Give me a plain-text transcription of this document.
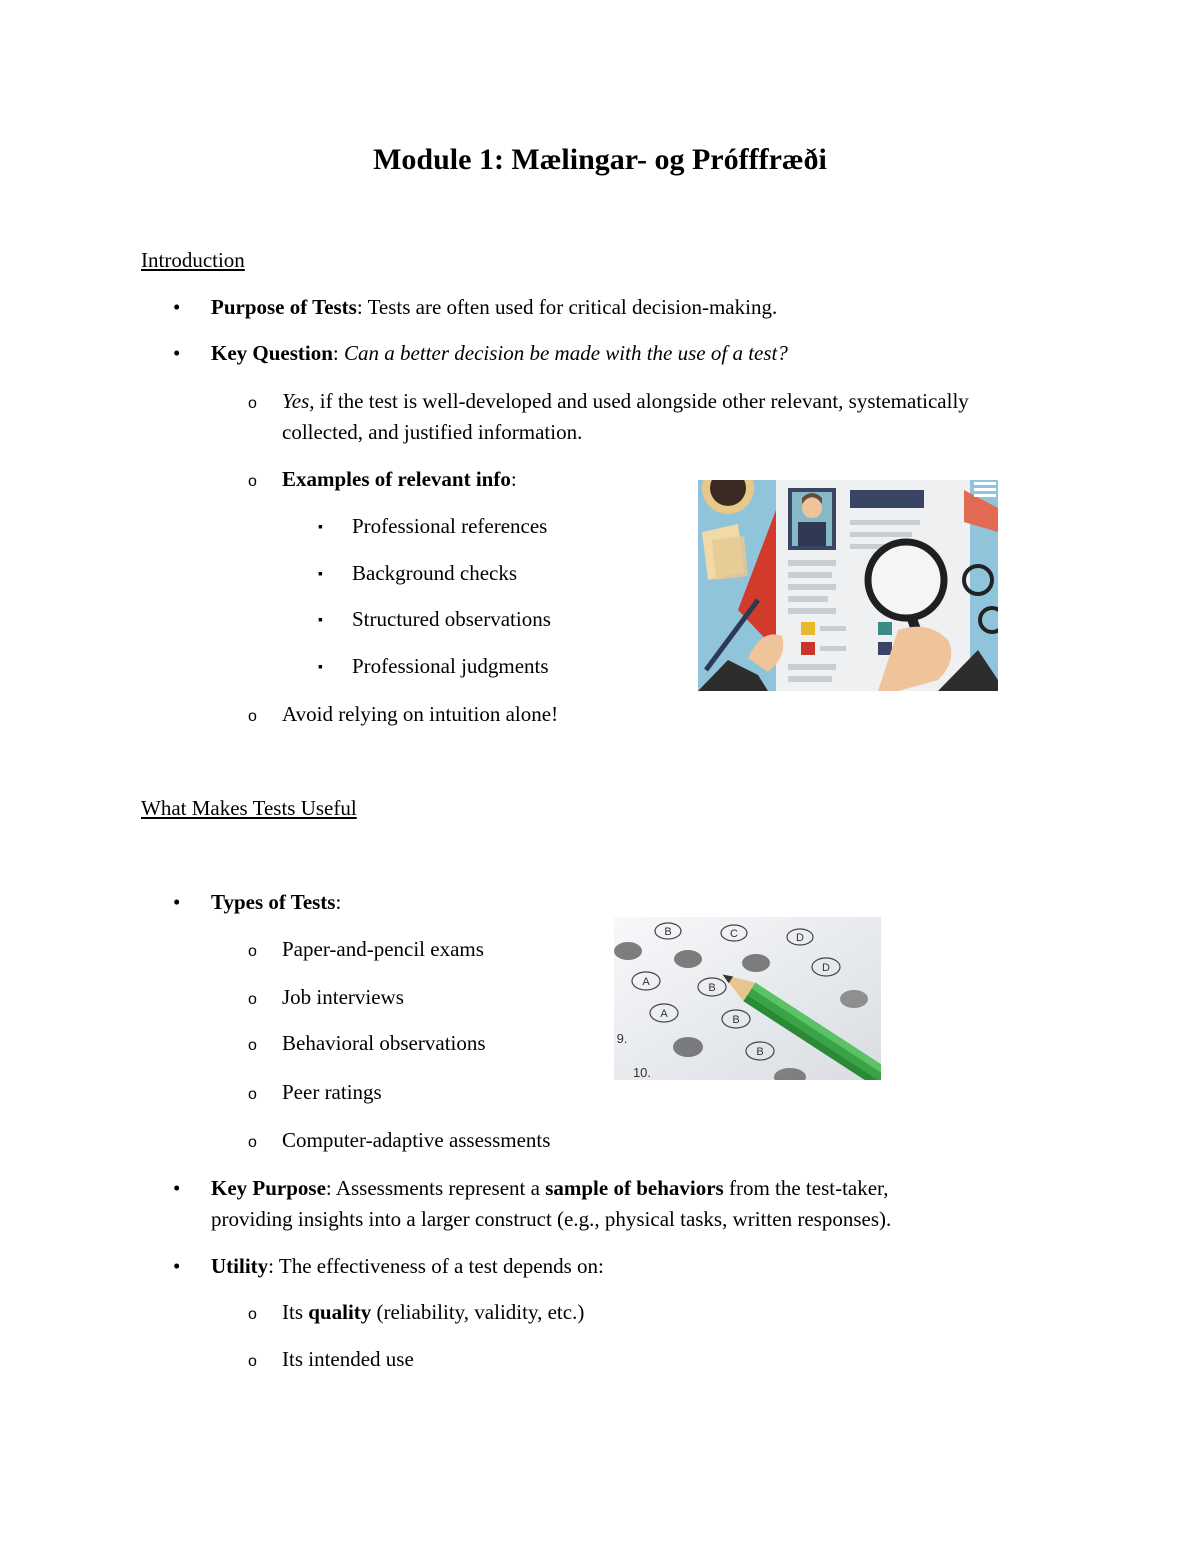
Module 1: Mælingar- og Prófffræði
Introduction
• Purpose of Tests: Tests are often used for critical decision-making.
• Key Question: Can a better decision be made with the use of a test?
o Yes, if the test is well-developed and used alongside other relevant, systematically
collected, and justified information.
o Examples of relevant info:
▪ Professional references
▪ Background checks
▪ Structured observations
▪ Professional judgments
o Avoid relying on intuition alone!
What Makes Tests Useful
• Types of Tests:
o Paper-and-pencil exams
o Job interviews
o Behavioral observations
o Peer ratings
o Computer-adaptive assessments
• Key Purpose: Assessments represent a sample of behaviors from the test-taker,
providing insights into a larger construct (e.g., physical tasks, written responses).
• Utility: The effectiveness of a test depends on:
o Its quality (reliability, validity, etc.)
o Its intended use
B	C	D
A	B
D
A	B
B
9.
10.
